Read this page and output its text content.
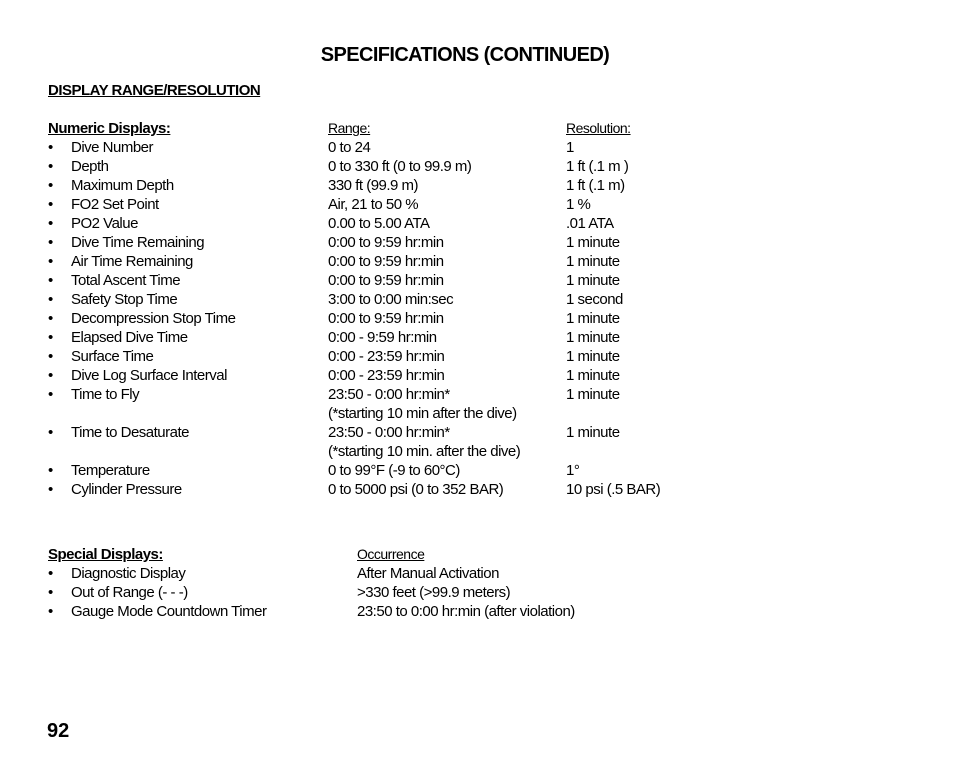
SPECIFICATIONS (CONTINUED)
DISPLAY RANGE/RESOLUTION
Numeric Displays:	Range:	Resolution:
• Dive Number	0 to 24	1
• Depth	0 to 330 ft (0 to 99.9 m)	1 ft (.1 m )
• Maximum Depth	330 ft (99.9 m)	1 ft (.1 m)
• FO2 Set Point	Air, 21 to 50 %	1 %
• PO2 Value	0.00 to 5.00 ATA	.01 ATA
• Dive Time Remaining	0:00 to 9:59 hr:min	1 minute
• Air Time Remaining	0:00 to 9:59 hr:min	1 minute
• Total Ascent Time	0:00 to 9:59 hr:min	1 minute
• Safety Stop Time	3:00 to 0:00 min:sec	1 second
• Decompression Stop Time	0:00 to 9:59 hr:min	1 minute
• Elapsed Dive Time	0:00 - 9:59 hr:min	1 minute
• Surface Time	0:00 - 23:59 hr:min	1 minute
• Dive Log Surface Interval	0:00 - 23:59 hr:min	1 minute
• Time to Fly	23:50 - 0:00 hr:min*	1 minute
(*starting 10 min after the dive)
• Time to Desaturate	23:50 - 0:00 hr:min*	1 minute
(*starting 10 min. after the dive)
• Temperature	0 to 99°F (-9 to 60°C)	1°
• Cylinder Pressure	0 to 5000 psi (0 to 352 BAR)	10 psi (.5 BAR)
Special Displays:	Occurrence
• Diagnostic Display	After Manual Activation
• Out of Range (- - -)	>330 feet (>99.9 meters)
• Gauge Mode Countdown Timer	23:50 to 0:00 hr:min (after violation)
92
